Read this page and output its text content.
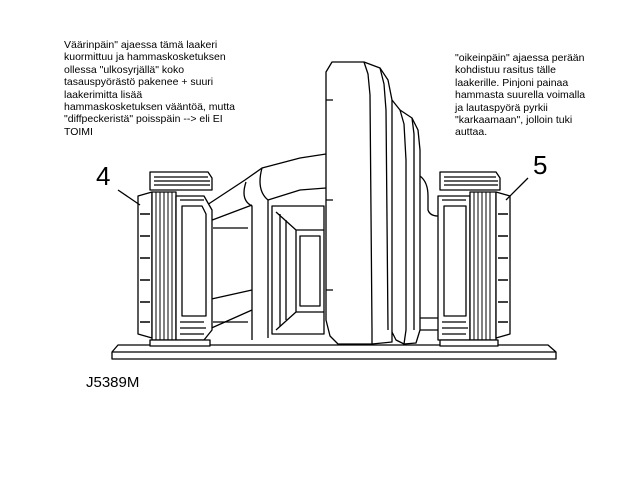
Väärinpäin" ajaessa tämä laakeri
kuormittuu ja hammaskosketuksen
ollessa "ulkosyrjällä" koko
tasauspyörästö pakenee + suuri
laakerimitta lisää
hammaskosketuksen vääntöä, mutta
"diffpeckeristä" poisspäin --> eli EI
TOIMI
"oikeinpäin" ajaessa perään
kohdistuu rasitus tälle
laakerille. Pinjoni painaa
hammasta suurella voimalla
ja lautaspyörä pyrkii
"karkaamaan", jolloin tuki
auttaa.
4	5
J5389M
